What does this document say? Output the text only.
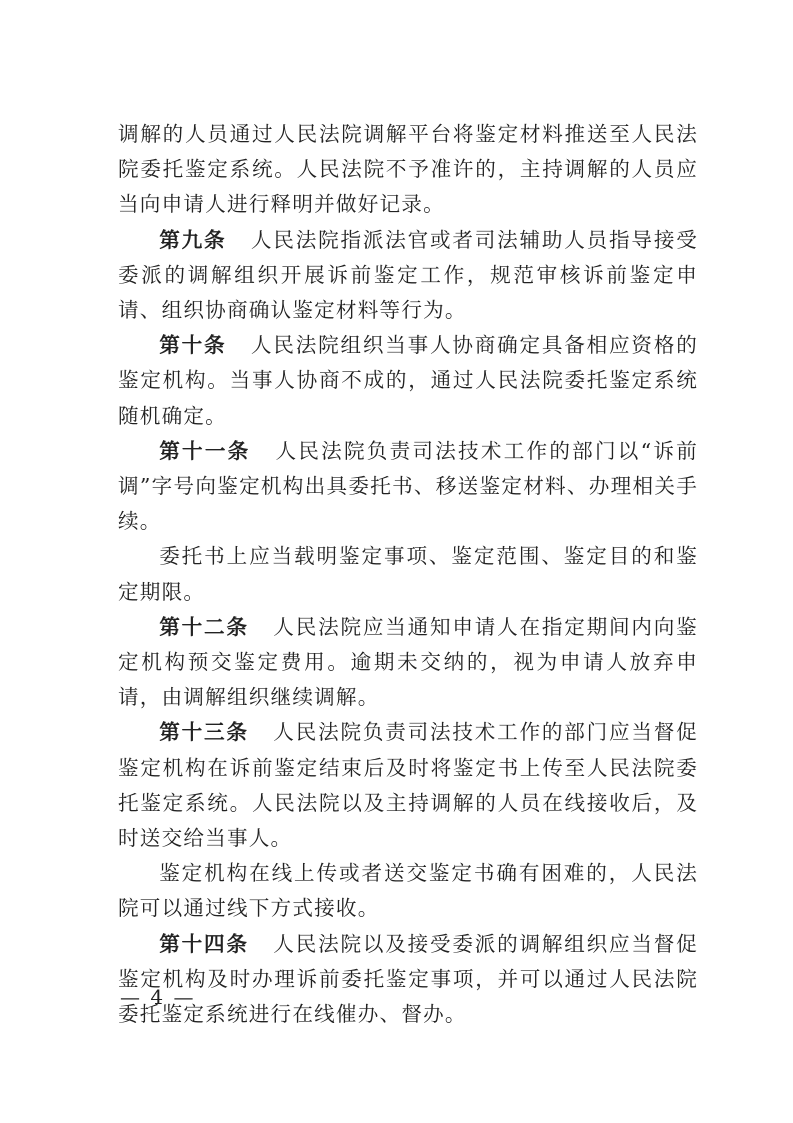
调解的人员通过人民法院调解平台将鉴定材料推送至人民法院委托鉴定系统。人民法院不予准许的，主持调解的人员应当向申请人进行释明并做好记录。

第九条 人民法院指派法官或者司法辅助人员指导接受委派的调解组织开展诉前鉴定工作，规范审核诉前鉴定申请、组织协商确认鉴定材料等行为。

第十条 人民法院组织当事人协商确定具备相应资格的鉴定机构。当事人协商不成的，通过人民法院委托鉴定系统随机确定。

第十一条 人民法院负责司法技术工作的部门以“诉前调”字号向鉴定机构出具委托书、移送鉴定材料、办理相关手续。

委托书上应当载明鉴定事项、鉴定范围、鉴定目的和鉴定期限。

第十二条 人民法院应当通知申请人在指定期间内向鉴定机构预交鉴定费用。逾期未交纳的，视为申请人放弃申请，由调解组织继续调解。

第十三条 人民法院负责司法技术工作的部门应当督促鉴定机构在诉前鉴定结束后及时将鉴定书上传至人民法院委托鉴定系统。人民法院以及主持调解的人员在线接收后，及时送交给当事人。

鉴定机构在线上传或者送交鉴定书确有困难的，人民法院可以通过线下方式接收。

第十四条 人民法院以及接受委派的调解组织应当督促鉴定机构及时办理诉前委托鉴定事项，并可以通过人民法院委托鉴定系统进行在线催办、督办。

— 4 —
